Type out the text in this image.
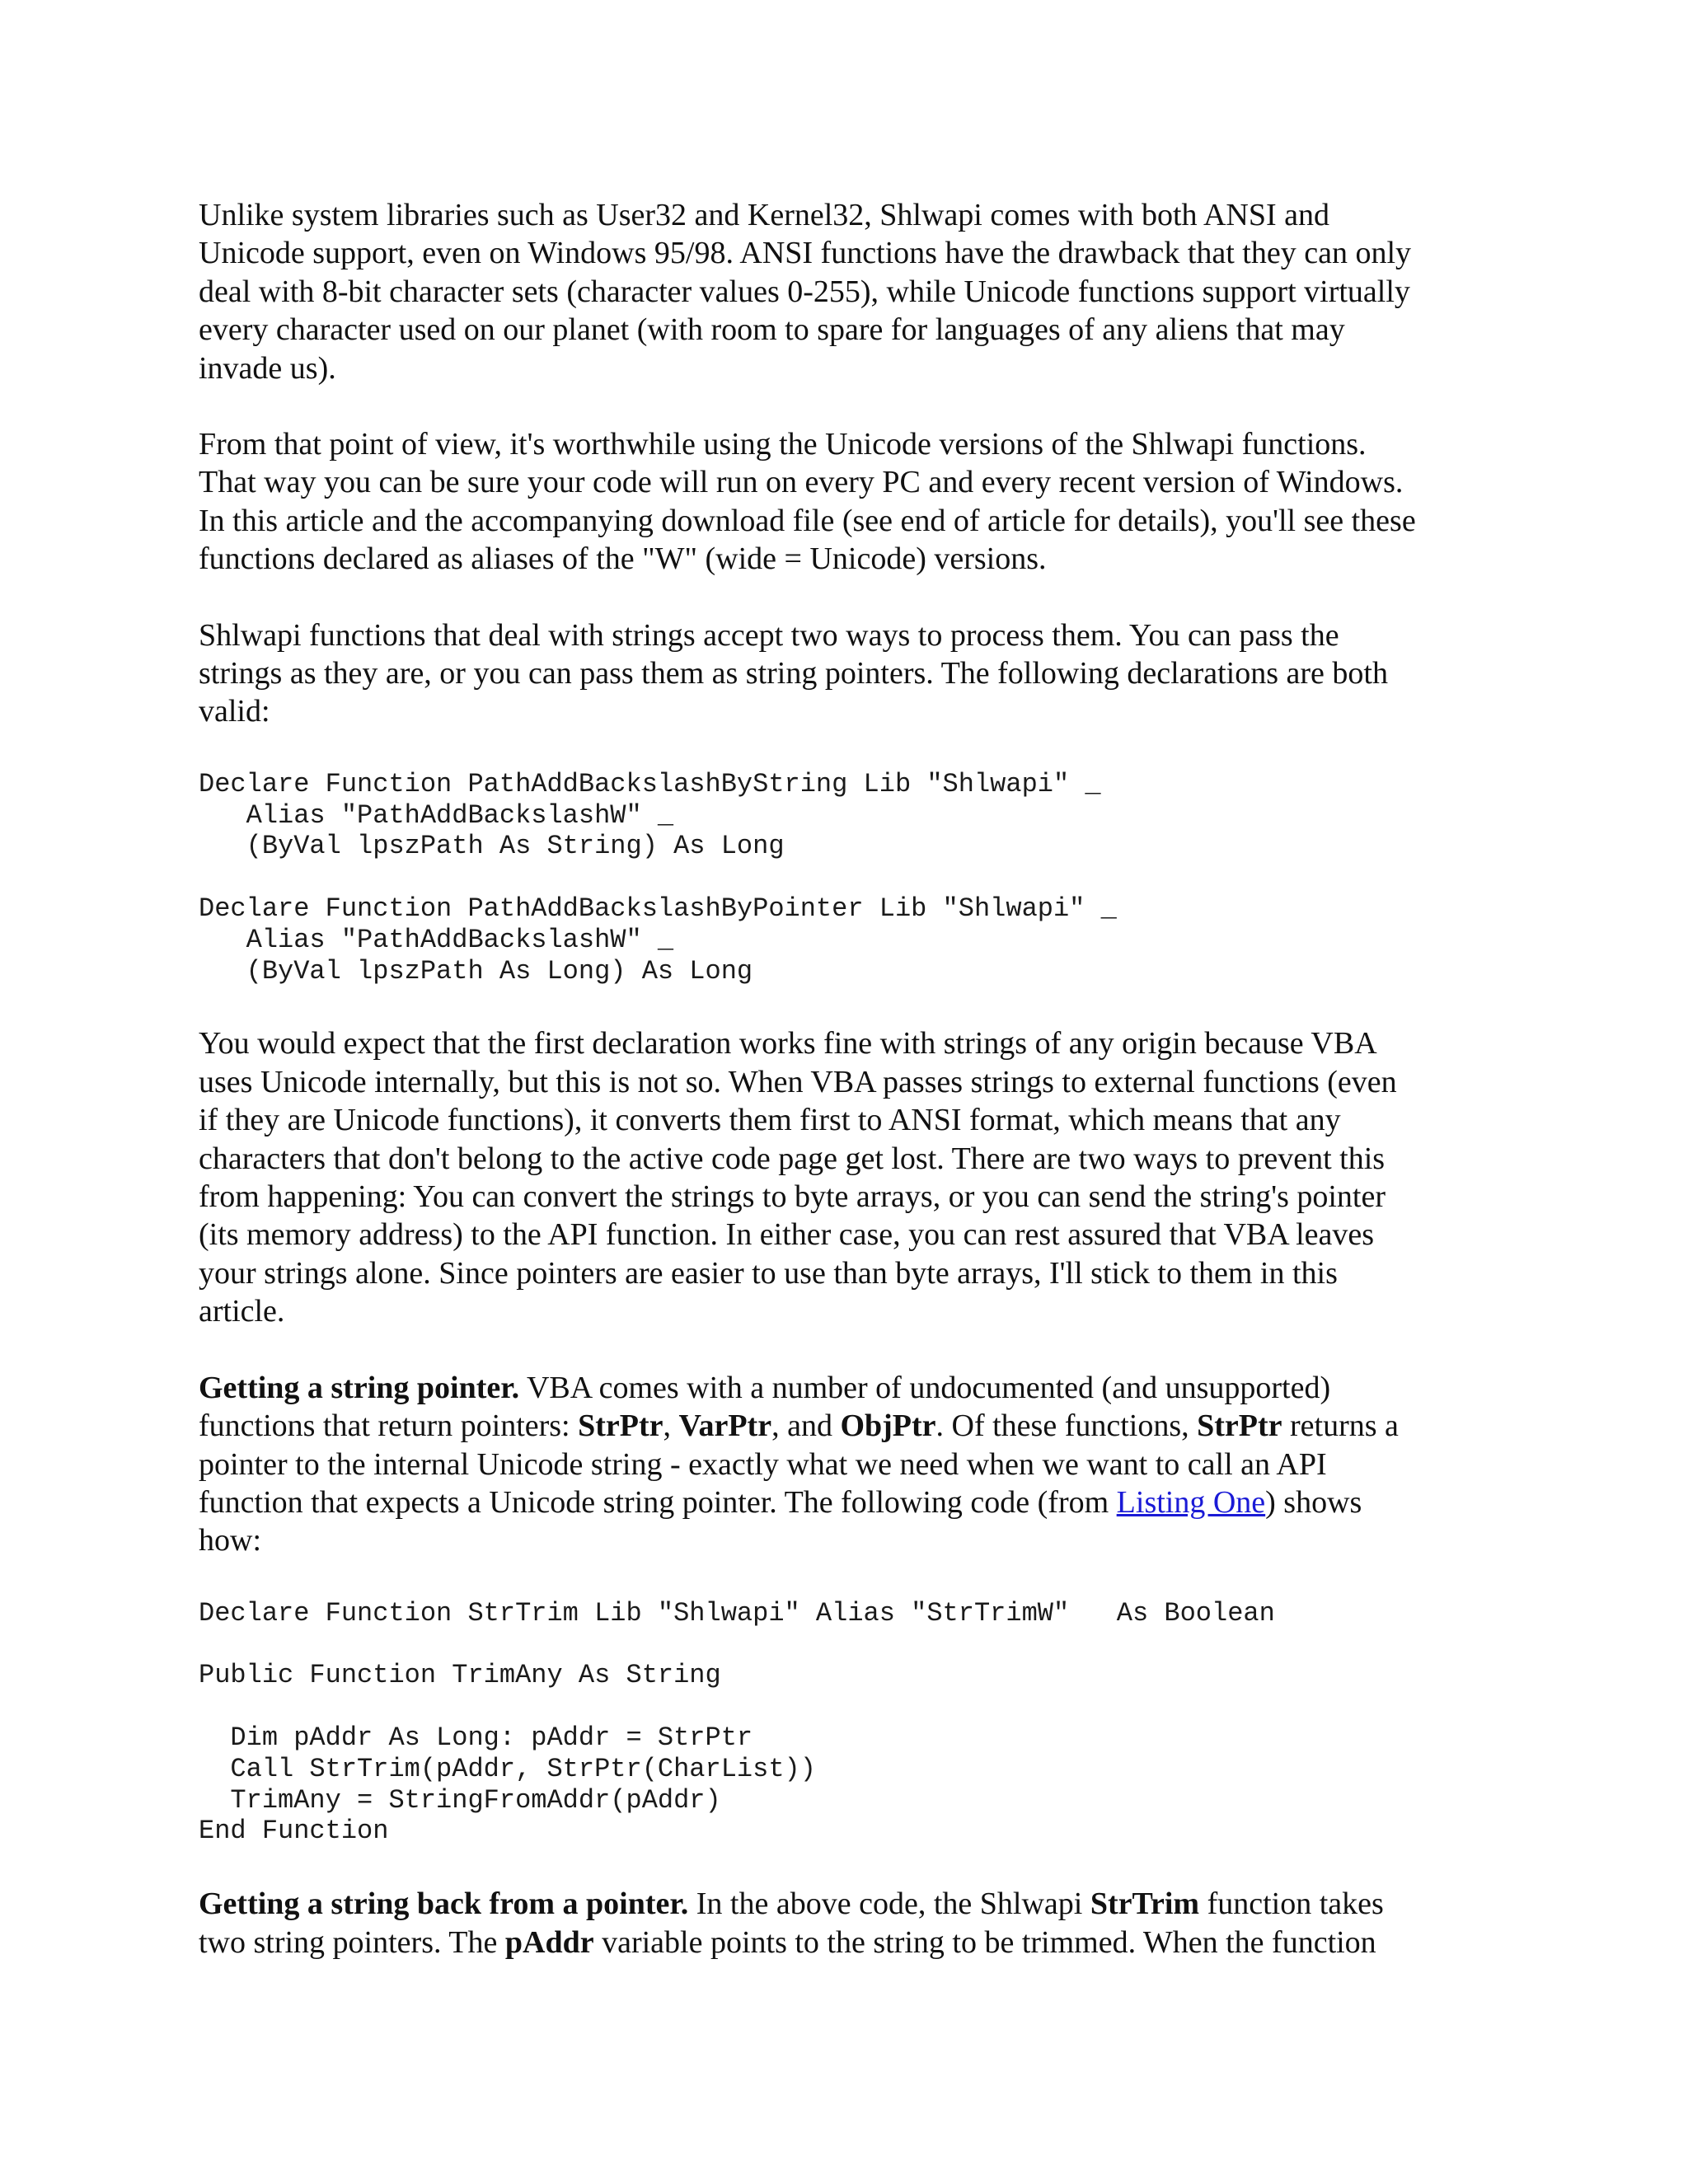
Unlike system libraries such as User32 and Kernel32, Shlwapi comes with both ANSI and
Unicode support, even on Windows 95/98. ANSI functions have the drawback that they can only
deal with 8-bit character sets (character values 0-255), while Unicode functions support virtually
every character used on our planet (with room to spare for languages of any aliens that may
invade us).

From that point of view, it's worthwhile using the Unicode versions of the Shlwapi functions.
That way you can be sure your code will run on every PC and every recent version of Windows.
In this article and the accompanying download file (see end of article for details), you'll see these
functions declared as aliases of the "W" (wide = Unicode) versions.

Shlwapi functions that deal with strings accept two ways to process them. You can pass the
strings as they are, or you can pass them as string pointers. The following declarations are both
valid:

Declare Function PathAddBackslashByString Lib "Shlwapi" _
Alias "PathAddBackslashW" _
(ByVal lpszPath As String) As Long

Declare Function PathAddBackslashByPointer Lib "Shlwapi" _
Alias "PathAddBackslashW" _
(ByVal lpszPath As Long) As Long

You would expect that the first declaration works fine with strings of any origin because VBA
uses Unicode internally, but this is not so. When VBA passes strings to external functions (even
if they are Unicode functions), it converts them first to ANSI format, which means that any
characters that don't belong to the active code page get lost. There are two ways to prevent this
from happening: You can convert the strings to byte arrays, or you can send the string's pointer
(its memory address) to the API function. In either case, you can rest assured that VBA leaves
your strings alone. Since pointers are easier to use than byte arrays, I'll stick to them in this
article.

Getting a string pointer. VBA comes with a number of undocumented (and unsupported)
functions that return pointers: StrPtr, VarPtr, and ObjPtr. Of these functions, StrPtr returns a
pointer to the internal Unicode string - exactly what we need when we want to call an API
function that expects a Unicode string pointer. The following code (from Listing One) shows
how:

Declare Function StrTrim Lib "Shlwapi" Alias "StrTrimW"   As Boolean

Public Function TrimAny As String

Dim pAddr As Long: pAddr = StrPtr
Call StrTrim(pAddr, StrPtr(CharList))
TrimAny = StringFromAddr(pAddr)
End Function

Getting a string back from a pointer. In the above code, the Shlwapi StrTrim function takes
two string pointers. The pAddr variable points to the string to be trimmed. When the function
